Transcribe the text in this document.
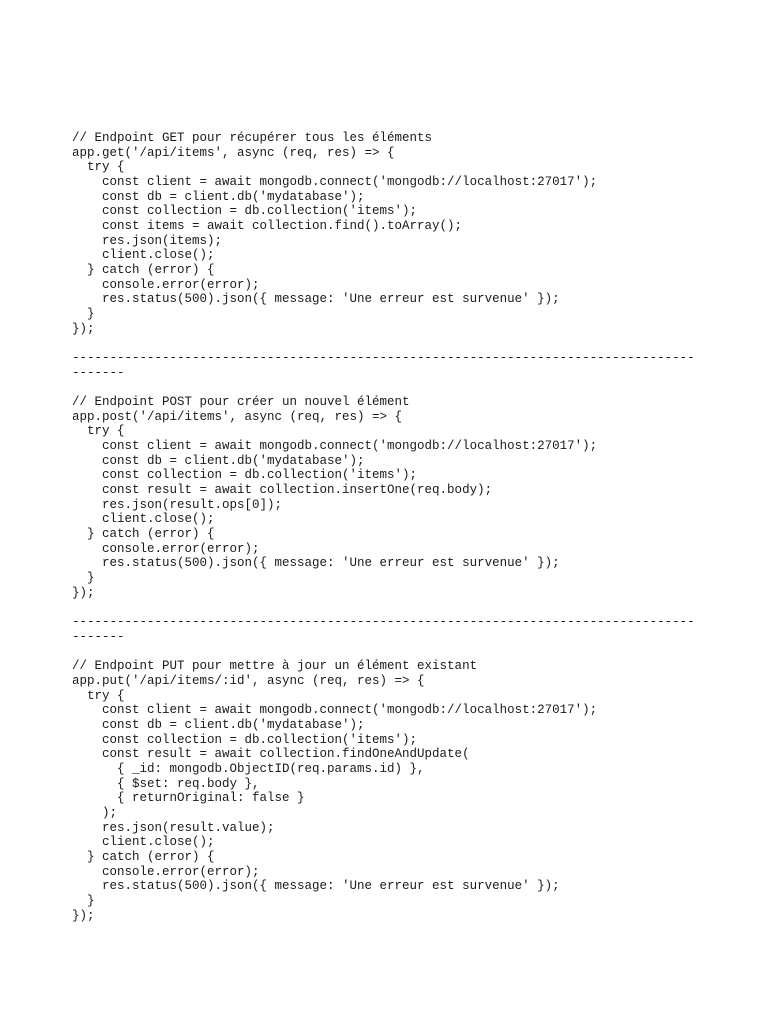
// Endpoint GET pour récupérer tous les éléments
app.get('/api/items', async (req, res) => {
try {
const client = await mongodb.connect('mongodb://localhost:27017');
const db = client.db('mydatabase');
const collection = db.collection('items');
const items = await collection.find().toArray();
res.json(items);
client.close();
} catch (error) {
console.error(error);
res.status(500).json({ message: 'Une erreur est survenue' });
}
});
-----------------------------------------------------------------------------------
-------
// Endpoint POST pour créer un nouvel élément
app.post('/api/items', async (req, res) => {
try {
const client = await mongodb.connect('mongodb://localhost:27017');
const db = client.db('mydatabase');
const collection = db.collection('items');
const result = await collection.insertOne(req.body);
res.json(result.ops[0]);
client.close();
} catch (error) {
console.error(error);
res.status(500).json({ message: 'Une erreur est survenue' });
}
});
-----------------------------------------------------------------------------------
-------
// Endpoint PUT pour mettre à jour un élément existant
app.put('/api/items/:id', async (req, res) => {
try {
const client = await mongodb.connect('mongodb://localhost:27017');
const db = client.db('mydatabase');
const collection = db.collection('items');
const result = await collection.findOneAndUpdate(
{ _id: mongodb.ObjectID(req.params.id) },
{ $set: req.body },
{ returnOriginal: false }
);
res.json(result.value);
client.close();
} catch (error) {
console.error(error);
res.status(500).json({ message: 'Une erreur est survenue' });
}
});
